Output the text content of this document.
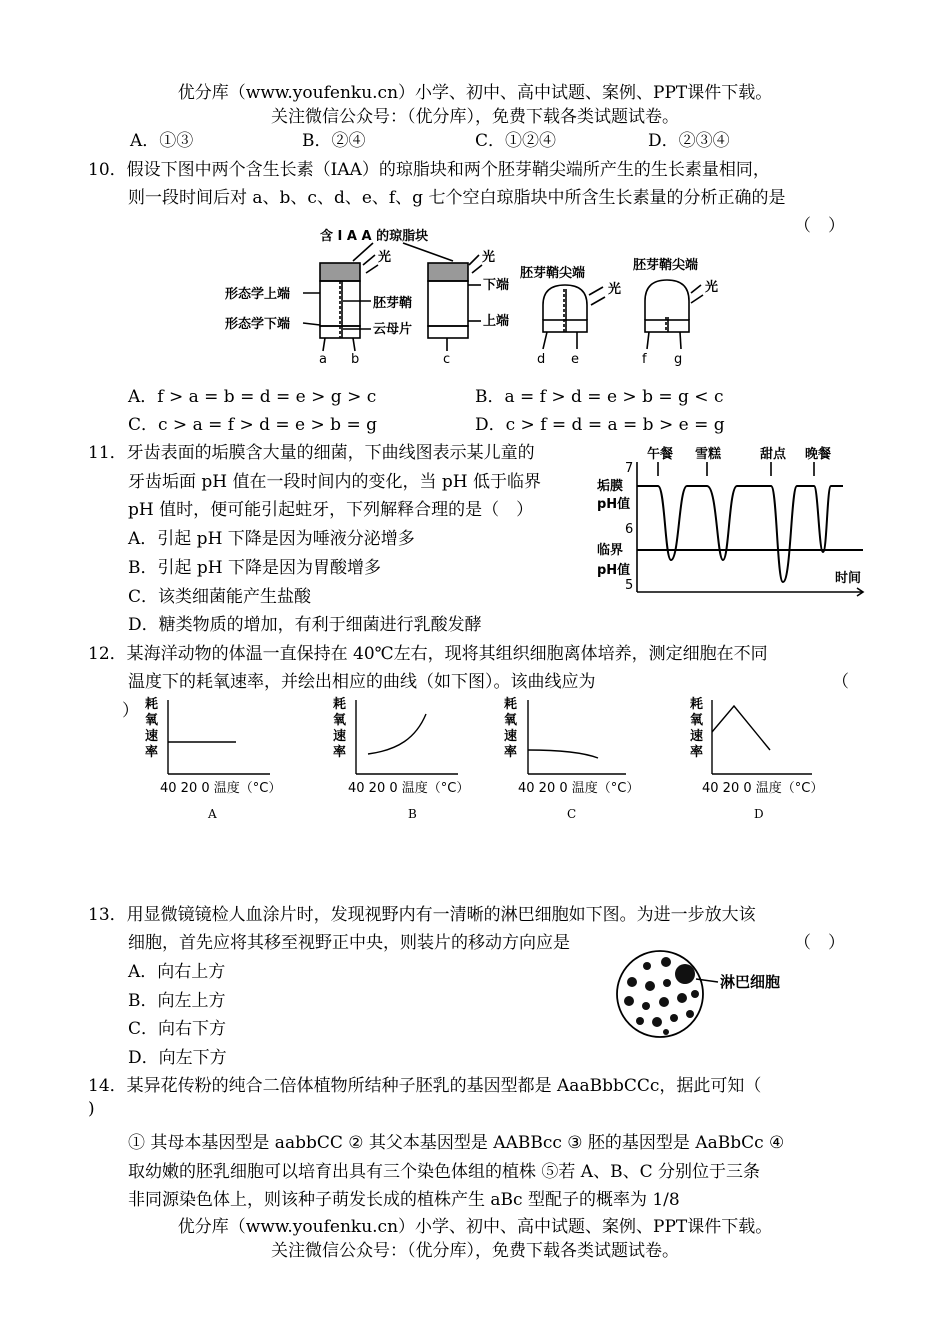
优分库（www.youfenku.cn）小学、初中、高中试题、案例、PPT课件下载。
关注微信公众号：（优分库），免费下载各类试题试卷。
A．①③	B．②④	C．①②④	D．②③④
10．假设下图中两个含生长素（IAA）的琼脂块和两个胚芽鞘尖端所产生的生长素量相同，
则一段时间后对 a、b、c、d、e、f、g 七个空白琼脂块中所含生长素量的分析正确的是
（　）
含 I A A 的琼脂块
形态学上端
形态学下端
胚芽鞘
云母片
光
a b
光
下端
上端
c
胚芽鞘尖端
光
d e
胚芽鞘尖端
光
f g
A．f > a = b = d = e > g > c	B．a = f > d = e > b = g < c
C．c > a = f > d = e > b = g	D．c > f = d = a = b > e = g
11．牙齿表面的垢膜含大量的细菌，下曲线图表示某儿童的
牙齿垢面 pH 值在一段时间内的变化，当 pH 低于临界
pH 值时，便可能引起蛀牙，下列解释合理的是（　）
A．引起 pH 下降是因为唾液分泌增多
B．引起 pH 下降是因为胃酸增多
C．该类细菌能产生盐酸
D．糖类物质的增加，有利于细菌进行乳酸发酵
午餐 雪糕	甜点 晚餐
7
6
5
垢膜
pH值
临界
pH值
时间
12．某海洋动物的体温一直保持在 40℃左右，现将其组织细胞离体培养，测定细胞在不同
温度下的耗氧速率，并绘出相应的曲线（如下图）。该曲线应为	（
） 耗
氧
速
率
40 20 0 温度（°C）
A
耗
氧
速
率
40 20 0 温度（°C）
B
耗
氧
速
率
40 20 0 温度（°C）
C
耗
氧
速
率
40 20 0 温度（°C）
D
13．用显微镜镜检人血涂片时，发现视野内有一清晰的淋巴细胞如下图。为进一步放大该
细胞，首先应将其移至视野正中央，则装片的移动方向应是	（　）
A．向右上方
B．向左上方
C．向右下方
D．向左下方
淋巴细胞
14．某异花传粉的纯合二倍体植物所结种子胚乳的基因型都是 AaaBbbCCc，据此可知（
)
① 其母本基因型是 aabbCC ② 其父本基因型是 AABBcc ③ 胚的基因型是 AaBbCc ④
取幼嫩的胚乳细胞可以培育出具有三个染色体组的植株 ⑤若 A、B、C 分别位于三条
非同源染色体上，则该种子萌发长成的植株产生 aBc 型配子的概率为 1/8
优分库（www.youfenku.cn）小学、初中、高中试题、案例、PPT课件下载。
关注微信公众号：（优分库），免费下载各类试题试卷。
